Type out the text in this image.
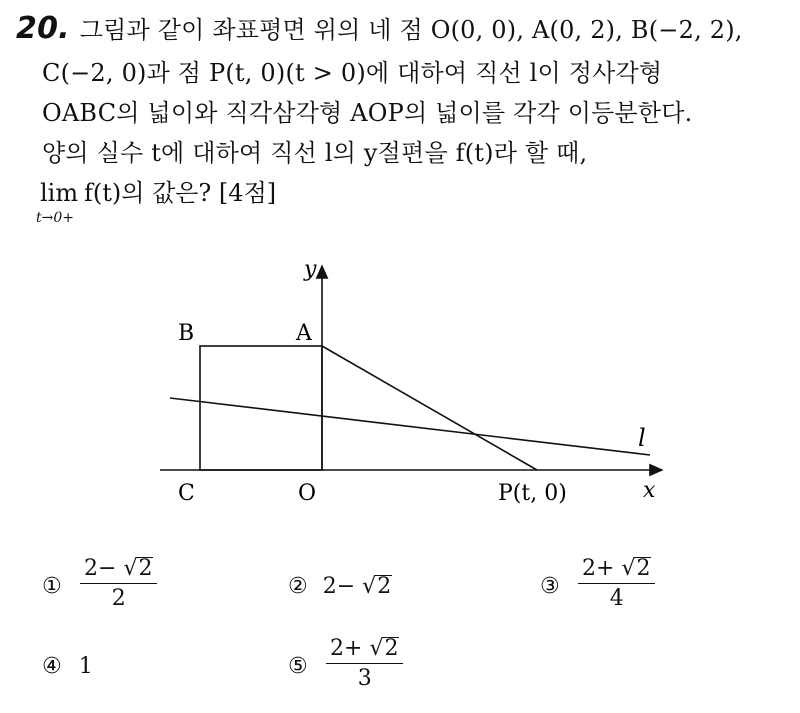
20. 그림과 같이 좌표평면 위의 네 점 O(0, 0), A(0, 2), B(−2, 2),
C(−2, 0)과 점 P(t, 0)(t > 0)에 대하여 직선 l이 정사각형
OABC의 넓이와 직각삼각형 AOP의 넓이를 각각 이등분한다.
양의 실수 t에 대하여 직선 l의 y절편을 f(t)라 할 때,
lim
t→0+
f(t)의 값은? [4점]
y
x
B	A
C	O	P(t, 0)
l
① $\frac{2- √2}{2}$	② 2− √2	③ $\frac{2+ √2}{4}$
④ 1	⑤ $\frac{2+ √2}{3}$
